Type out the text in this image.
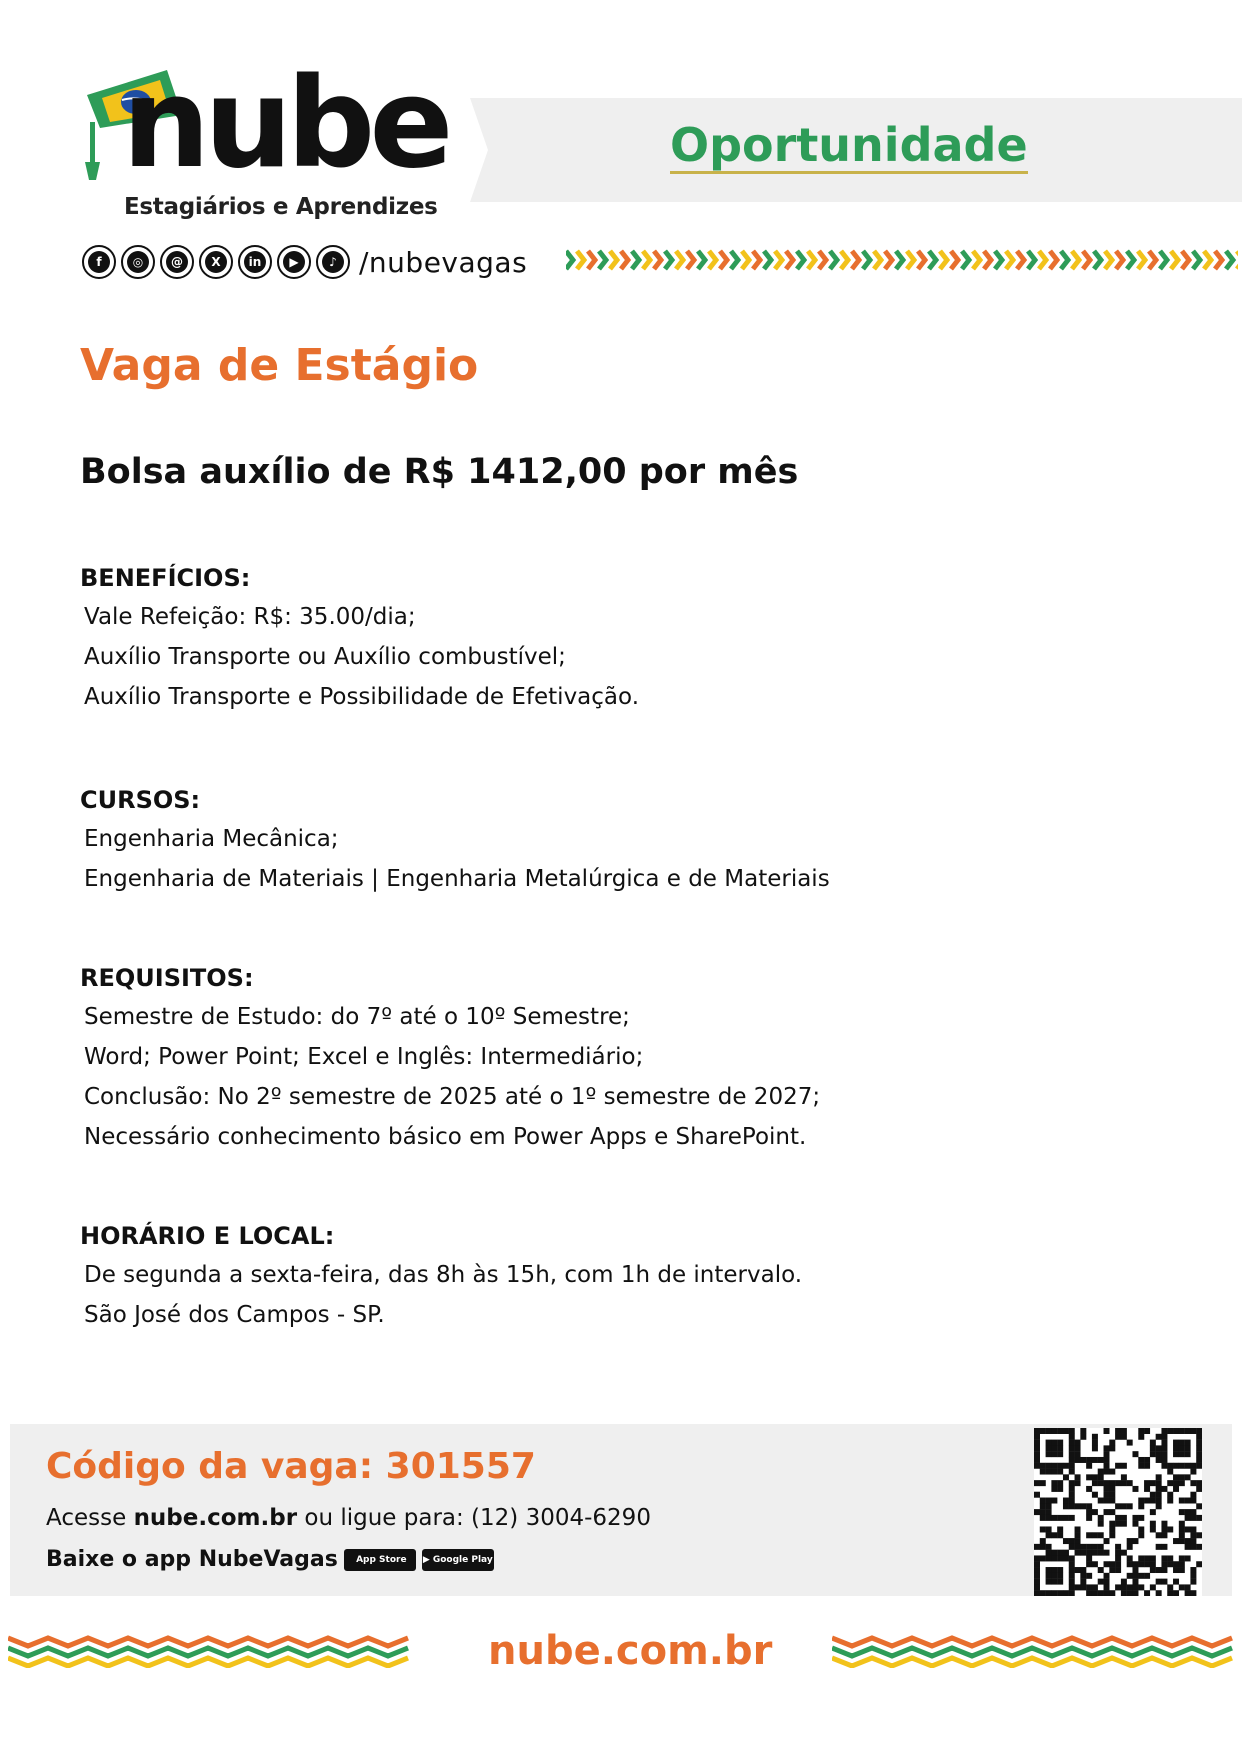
nube
Estagiários e Aprendizes
Oportunidade
f	◎	@	X	in	▶	♪ /nubevagas
Vaga de Estágio
Bolsa auxílio de R$ 1412,00 por mês
BENEFÍCIOS:
Vale Refeição: R$: 35.00/dia;
Auxílio Transporte ou Auxílio combustível;
Auxílio Transporte e Possibilidade de Efetivação.
CURSOS:
Engenharia Mecânica;
Engenharia de Materiais | Engenharia Metalúrgica e de Materiais
REQUISITOS:
Semestre de Estudo: do 7º até o 10º Semestre;
Word; Power Point; Excel e Inglês: Intermediário;
Conclusão: No 2º semestre de 2025 até o 1º semestre de 2027;
Necessário conhecimento básico em Power Apps e SharePoint.
HORÁRIO E LOCAL:
De segunda a sexta-feira, das 8h às 15h, com 1h de intervalo.
São José dos Campos - SP.
Código da vaga: 301557
Acesse nube.com.br ou ligue para: (12) 3004-6290
Baixe o app NubeVagas App Store ▶ Google Play
nube.com.br
